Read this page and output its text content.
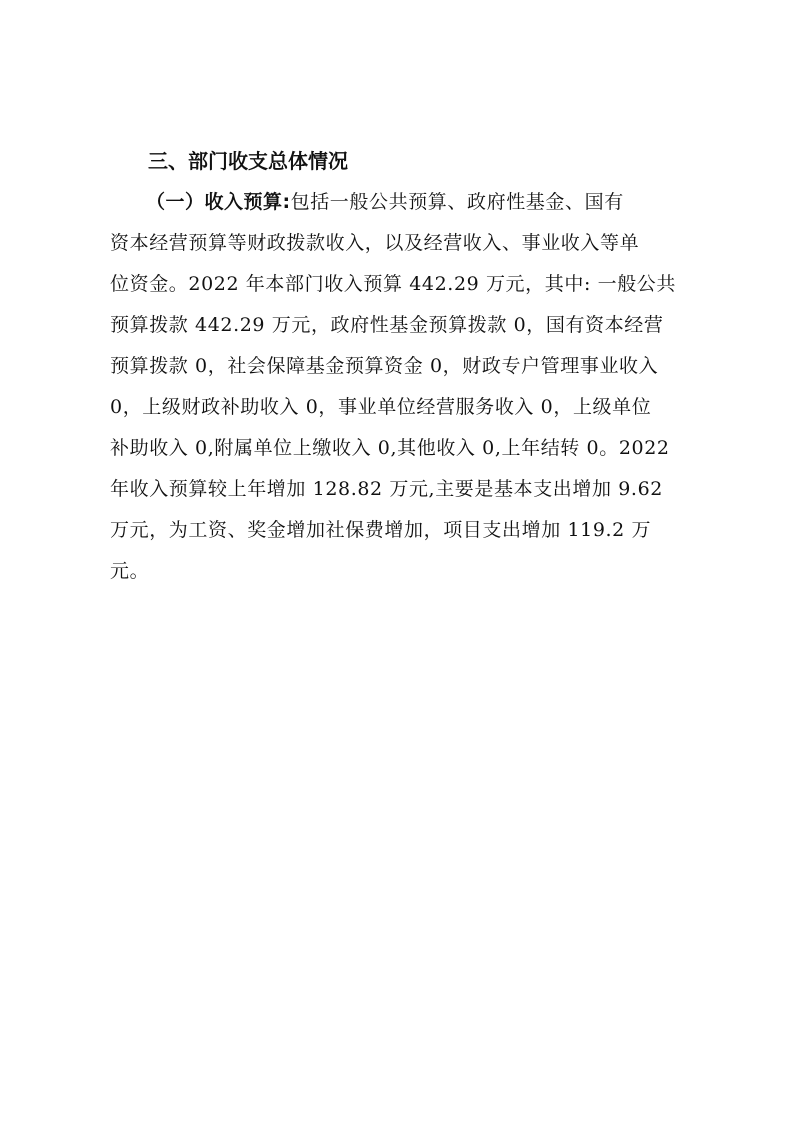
三、部门收支总体情况
（一）收入预算:包括一般公共预算、政府性基金、国有
资本经营预算等财政拨款收入，以及经营收入、事业收入等单
位资金。2022 年本部门收入预算 442.29 万元，其中: 一般公共
预算拨款 442.29 万元，政府性基金预算拨款 0，国有资本经营
预算拨款 0，社会保障基金预算资金 0，财政专户管理事业收入
0，上级财政补助收入 0，事业单位经营服务收入 0，上级单位
补助收入 0,附属单位上缴收入 0,其他收入 0,上年结转 0。2022
年收入预算较上年增加 128.82 万元,主要是基本支出增加 9.62
万元，为工资、奖金增加社保费增加，项目支出增加 119.2 万
元。
